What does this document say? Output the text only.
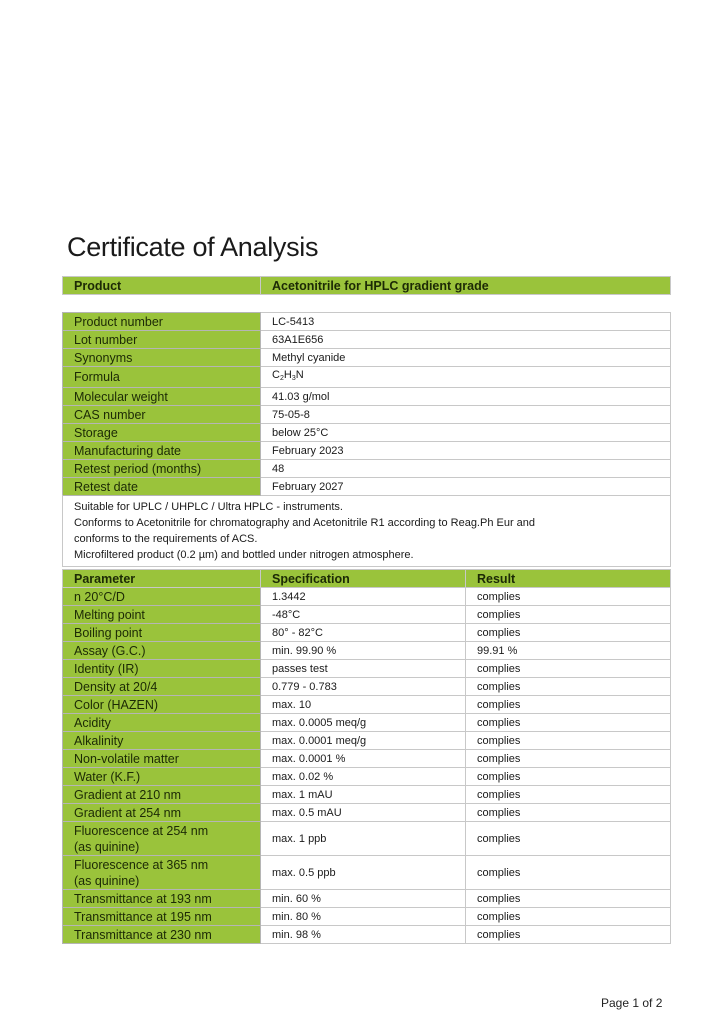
Certificate of Analysis
Product	Acetonitrile for HPLC gradient grade
Product number	LC-5413
Lot number	63A1E656
Synonyms	Methyl cyanide
Formula	$C_2H_3N$
Molecular weight	41.03 g/mol
CAS number	75-05-8
Storage	below 25°C
Manufacturing date	February 2023
Retest period (months)	48
Retest date	February 2027
Suitable for UPLC / UHPLC / Ultra HPLC - instruments.
Conforms to Acetonitrile for chromatography and Acetonitrile R1 according to Reag.Ph Eur and
conforms to the requirements of ACS.
Microfiltered product (0.2 µm) and bottled under nitrogen atmosphere.
Parameter	Specification	Result
n 20°C/D	1.3442	complies
Melting point	-48°C	complies
Boiling point	80° - 82°C	complies
Assay (G.C.)	min. 99.90 %	99.91 %
Identity (IR)	passes test	complies
Density at 20/4	0.779 - 0.783	complies
Color (HAZEN)	max. 10	complies
Acidity	max. 0.0005 meq/g	complies
Alkalinity	max. 0.0001 meq/g	complies
Non-volatile matter	max. 0.0001 %	complies
Water (K.F.)	max. 0.02 %	complies
Gradient at 210 nm	max. 1 mAU	complies
Gradient at 254 nm	max. 0.5 mAU	complies
Fluorescence at 254 nm
(as quinine)	max. 1 ppb	complies
Fluorescence at 365 nm
(as quinine)	max. 0.5 ppb	complies
Transmittance at 193 nm	min. 60 %	complies
Transmittance at 195 nm	min. 80 %	complies
Transmittance at 230 nm	min. 98 %	complies
Page 1 of 2
